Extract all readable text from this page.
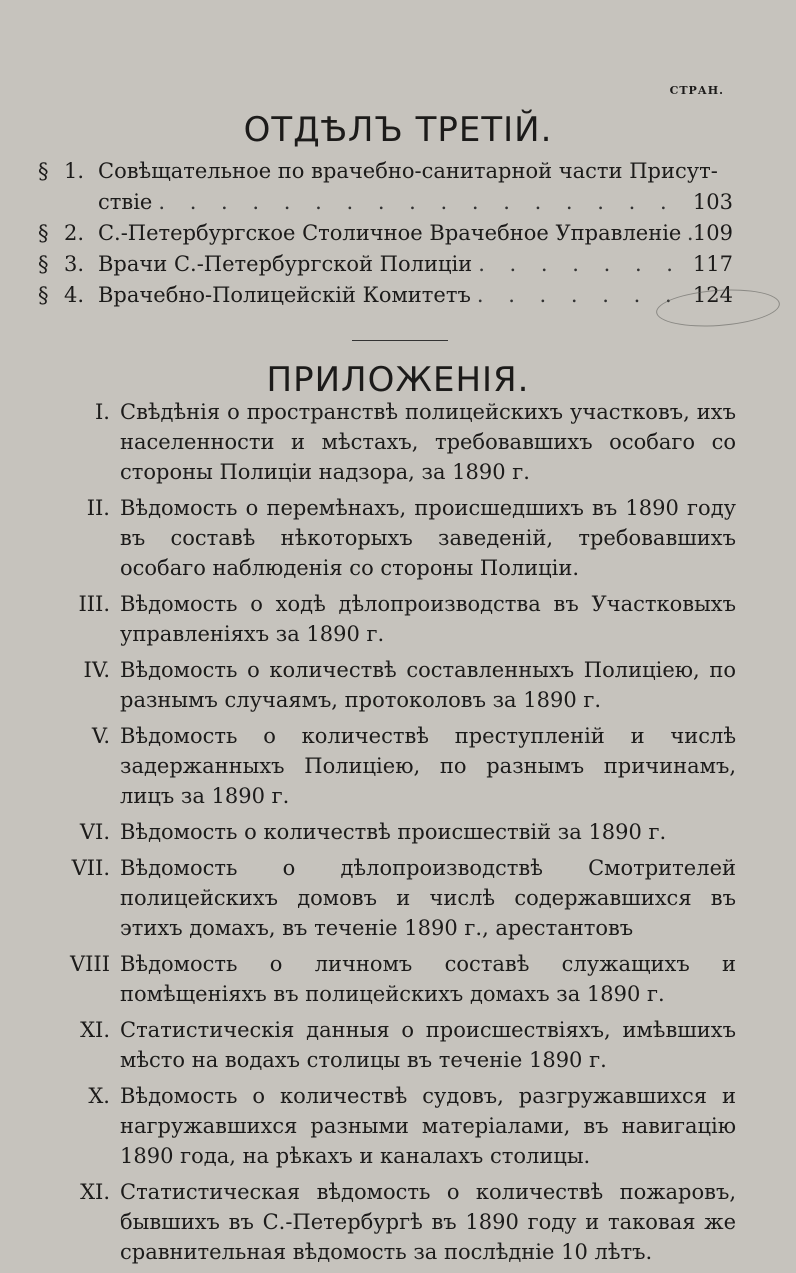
СТРАН.
ОТДѢЛЪ ТРЕТІЙ.
§ 1. Совѣщательное по врачебно-санитарной части Присут-
ствіе . . .	103
§ 2. С.-Петербургское Столичное Врачебное Управленіе . . . 109
§ 3. Врачи С.-Петербургской Полиціи . . .	117
§ 4. Врачебно-Полицейскій Комитетъ . . .	124
ПРИЛОЖЕНІЯ.
I. Свѣдѣнія о пространствѣ полицейскихъ участковъ, ихъ населенности и мѣстахъ, требовавшихъ особаго со стороны Полиціи надзора, за 1890 г.
II. Вѣдомость о перемѣнахъ, происшедшихъ въ 1890 году въ составѣ нѣкоторыхъ заведеній, требовавшихъ особаго наблюденія со стороны Полиціи.
III. Вѣдомость о ходѣ дѣлопроизводства въ Участковыхъ управленіяхъ за 1890 г.
IV. Вѣдомость о количествѣ составленныхъ Полиціею, по разнымъ случаямъ, протоколовъ за 1890 г.
V. Вѣдомость о количествѣ преступленій и числѣ задержанныхъ Полиціею, по разнымъ причинамъ, лицъ за 1890 г.
VI. Вѣдомость о количествѣ происшествій за 1890 г.
VII. Вѣдомость о дѣлопроизводствѣ Смотрителей полицейскихъ домовъ и числѣ содержавшихся въ этихъ домахъ, въ теченіе 1890 г., арестантовъ
VIII Вѣдомость о личномъ составѣ служащихъ и помѣщеніяхъ въ полицейскихъ домахъ за 1890 г.
XI. Статистическія данныя о происшествіяхъ, имѣвшихъ мѣсто на водахъ столицы въ теченіе 1890 г.
X. Вѣдомость о количествѣ судовъ, разгружавшихся и нагружавшихся разными матеріалами, въ навигацію 1890 года, на рѣкахъ и каналахъ столицы.
XI. Статистическая вѣдомость о количествѣ пожаровъ, бывшихъ въ С.-Петербургѣ въ 1890 году и таковая же сравнительная вѣдомость за послѣдніе 10 лѣтъ.
